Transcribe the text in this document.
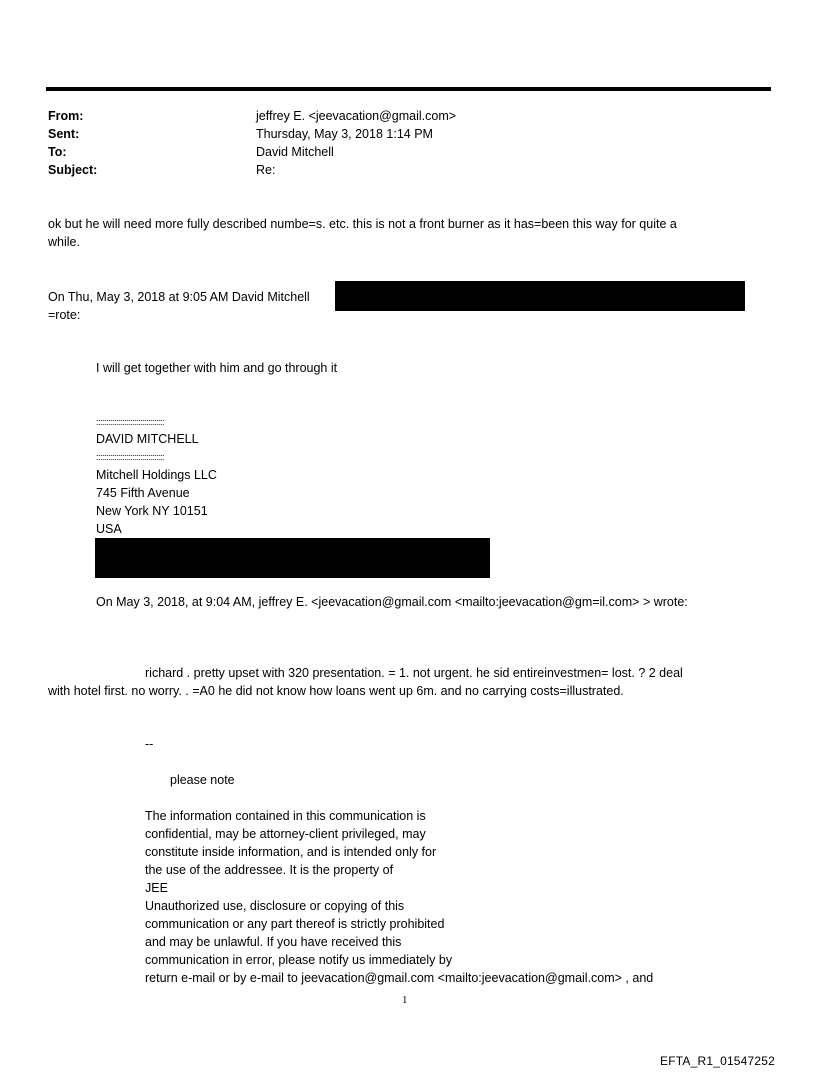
From:	jeffrey E. <jeevacation@gmail.com>
Sent:	Thursday, May 3, 2018 1:14 PM
To:	David Mitchell
Subject:	Re:
ok but he will need more fully described numbe=s. etc. this is not a front burner as it has=been this way for quite a
while.
On Thu, May 3, 2018 at 9:05 AM David Mitchell
=rote:
I will get together with him and go through it
::::::::::::::::::::::::::::::::::
DAVID MITCHELL
::::::::::::::::::::::::::::::::::
Mitchell Holdings LLC
745 Fifth Avenue
New York NY 10151
USA
On May 3, 2018, at 9:04 AM, jeffrey E. <jeevacation@gmail.com <mailto:jeevacation@gm=il.com> > wrote:
richard . pretty upset with 320 presentation. = 1. not urgent. he sid entireinvestmen= lost. ? 2 deal
with hotel first. no worry. . =A0 he did not know how loans went up 6m. and no carrying costs=illustrated.
--
please note
The information contained in this communication is
confidential, may be attorney-client privileged, may
constitute inside information, and is intended only for
the use of the addressee. It is the property of
JEE
Unauthorized use, disclosure or copying of this
communication or any part thereof is strictly prohibited
and may be unlawful. If you have received this
communication in error, please notify us immediately by
return e-mail or by e-mail to jeevacation@gmail.com <mailto:jeevacation@gmail.com> , and
1
EFTA_R1_01547252
